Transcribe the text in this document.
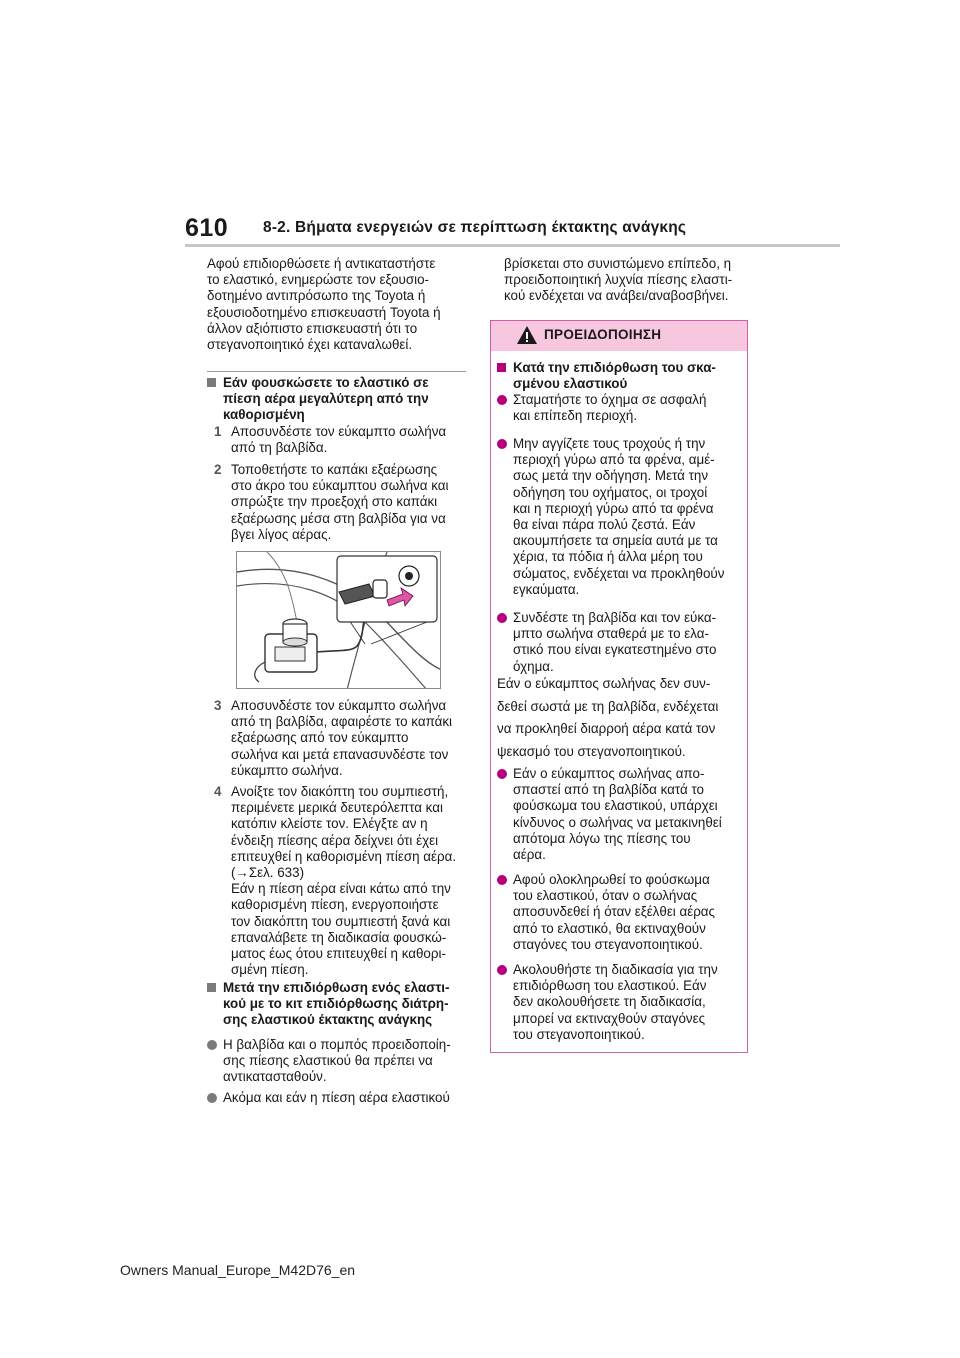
610 8-2. Βήματα ενεργειών σε περίπτωση έκτακτης ανάγκης
Αφού επιδιορθώσετε ή αντικαταστήστε
το ελαστικό, ενημερώστε τον εξουσιο-
δοτημένο αντιπρόσωπο της Toyota ή
εξουσιοδοτημένο επισκευαστή Toyota ή
άλλον αξιόπιστο επισκευαστή ότι το
στεγανοποιητικό έχει καταναλωθεί.
Εάν φουσκώσετε το ελαστικό σε
πίεση αέρα μεγαλύτερη από την
καθορισμένη
1 Αποσυνδέστε τον εύκαμπτο σωλήνα
από τη βαλβίδα.
2 Τοποθετήστε το καπάκι εξαέρωσης
στο άκρο του εύκαμπτου σωλήνα και
σπρώξτε την προεξοχή στο καπάκι
εξαέρωσης μέσα στη βαλβίδα για να
βγει λίγος αέρας.
3 Αποσυνδέστε τον εύκαμπτο σωλήνα
από τη βαλβίδα, αφαιρέστε το καπάκι
εξαέρωσης από τον εύκαμπτο
σωλήνα και μετά επανασυνδέστε τον
εύκαμπτο σωλήνα.
4 Ανοίξτε τον διακόπτη του συμπιεστή,
περιμένετε μερικά δευτερόλεπτα και
κατόπιν κλείστε τον. Ελέγξτε αν η
ένδειξη πίεσης αέρα δείχνει ότι έχει
επιτευχθεί η καθορισμένη πίεση αέρα.
(→Σελ. 633)
Εάν η πίεση αέρα είναι κάτω από την
καθορισμένη πίεση, ενεργοποιήστε
τον διακόπτη του συμπιεστή ξανά και
επαναλάβετε τη διαδικασία φουσκώ-
ματος έως ότου επιτευχθεί η καθορι-
σμένη πίεση.
Μετά την επιδιόρθωση ενός ελαστι-
κού με το κιτ επιδιόρθωσης διάτρη-
σης ελαστικού έκτακτης ανάγκης
Η βαλβίδα και ο πομπός προειδοποίη-
σης πίεσης ελαστικού θα πρέπει να
αντικατασταθούν.
Ακόμα και εάν η πίεση αέρα ελαστικού
βρίσκεται στο συνιστώμενο επίπεδο, η
προειδοποιητική λυχνία πίεσης ελαστι-
κού ενδέχεται να ανάβει/αναβοσβήνει.
ΠΡΟΕΙΔΟΠΟΙΗΣΗ
Κατά την επιδιόρθωση του σκα-
σμένου ελαστικού
Σταματήστε το όχημα σε ασφαλή
και επίπεδη περιοχή.
Μην αγγίζετε τους τροχούς ή την
περιοχή γύρω από τα φρένα, αμέ-
σως μετά την οδήγηση. Μετά την
οδήγηση του οχήματος, οι τροχοί
και η περιοχή γύρω από τα φρένα
θα είναι πάρα πολύ ζεστά. Εάν
ακουμπήσετε τα σημεία αυτά με τα
χέρια, τα πόδια ή άλλα μέρη του
σώματος, ενδέχεται να προκληθούν
εγκαύματα.
Συνδέστε τη βαλβίδα και τον εύκα-
μπτο σωλήνα σταθερά με το ελα-
στικό που είναι εγκατεστημένο στο
όχημα.
Εάν ο εύκαμπτος σωλήνας δεν συν-
δεθεί σωστά με τη βαλβίδα, ενδέχεται
να προκληθεί διαρροή αέρα κατά τον
ψεκασμό του στεγανοποιητικού.
Εάν ο εύκαμπτος σωλήνας απο-
σπαστεί από τη βαλβίδα κατά το
φούσκωμα του ελαστικού, υπάρχει
κίνδυνος ο σωλήνας να μετακινηθεί
απότομα λόγω της πίεσης του
αέρα.
Αφού ολοκληρωθεί το φούσκωμα
του ελαστικού, όταν ο σωλήνας
αποσυνδεθεί ή όταν εξέλθει αέρας
από το ελαστικό, θα εκτιναχθούν
σταγόνες του στεγανοποιητικού.
Ακολουθήστε τη διαδικασία για την
επιδιόρθωση του ελαστικού. Εάν
δεν ακολουθήσετε τη διαδικασία,
μπορεί να εκτιναχθούν σταγόνες
του στεγανοποιητικού.
Owners Manual_Europe_M42D76_en
